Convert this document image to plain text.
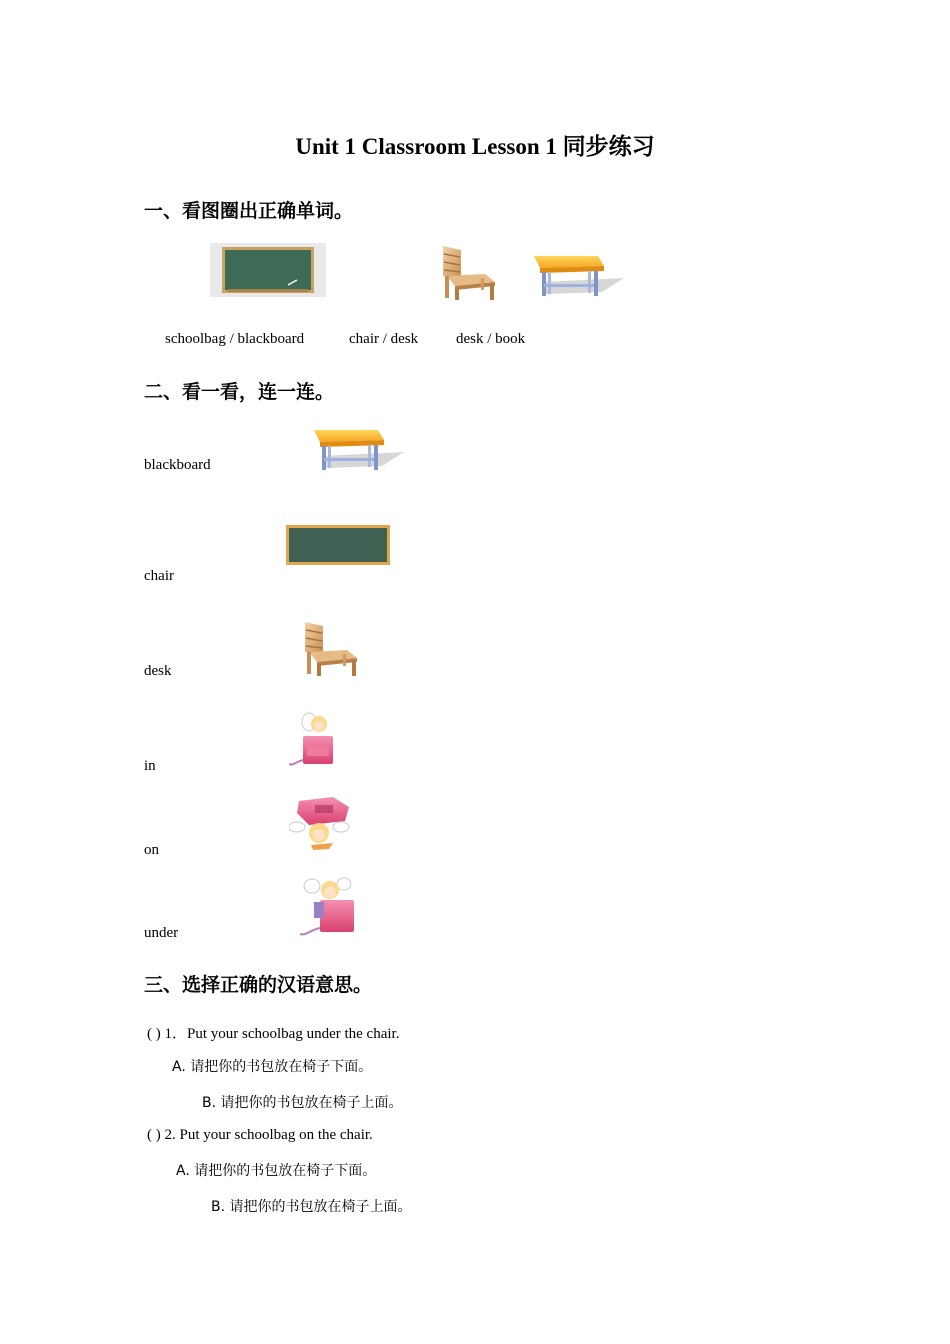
Unit 1 Classroom Lesson 1 同步练习
一、看图圈出正确单词。
schoolbag / blackboard	chair / desk	desk / book
二、看一看，连一连。
blackboard
chair
desk
in
on
under
三、选择正确的汉语意思。
( ) 1．Put your schoolbag under the chair.
A. 请把你的书包放在椅子下面。
B. 请把你的书包放在椅子上面。
( ) 2. Put your schoolbag on the chair.
A. 请把你的书包放在椅子下面。
B. 请把你的书包放在椅子上面。
